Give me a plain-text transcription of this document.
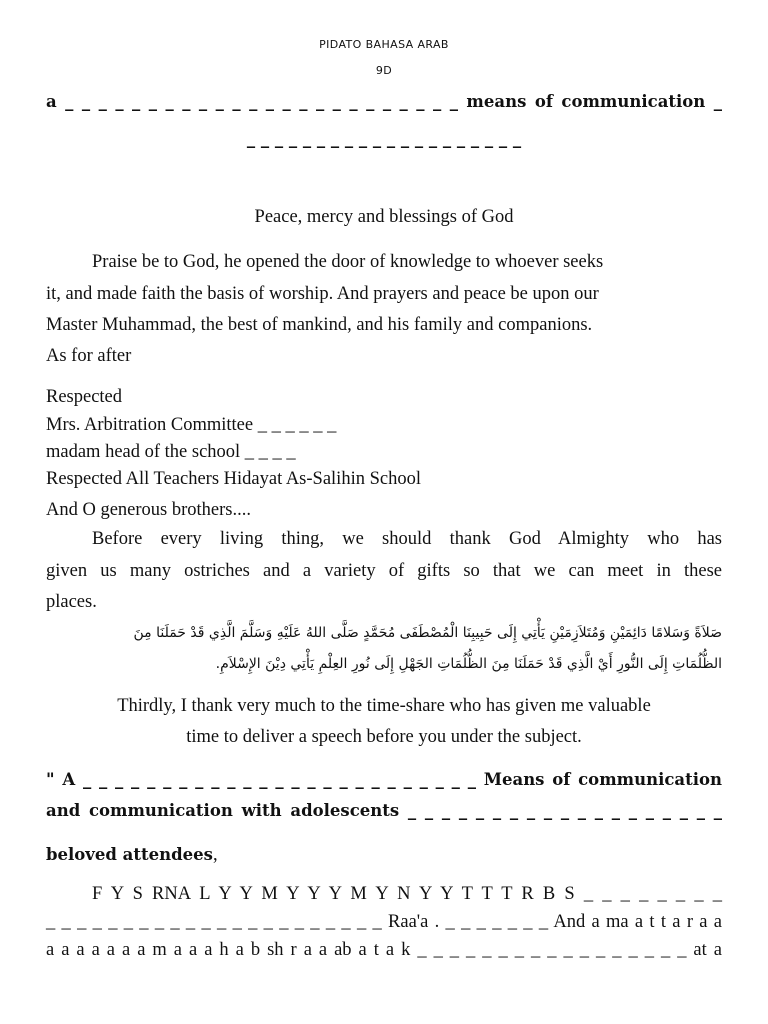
PIDATO BAHASA ARAB
9D
a _ _ _ _ _ _ _ _ _ _ _ _ _ _ _ _ _ _ _ _ _ _ _ _ means of communication _
_ _ _ _ _ _ _ _ _ _ _ _ _ _ _ _ _ _ _ _
Peace, mercy and blessings of God
Praise be to God, he opened the door of knowledge to whoever seeks
it, and made faith the basis of worship. And prayers and peace be upon our
Master Muhammad, the best of mankind, and his family and companions.
As for after
Respected
Mrs. Arbitration Committee _ _ _ _ _ _
madam head of the school _ _ _ _
Respected All Teachers Hidayat As-Salihin School
And O generous brothers....
Before every living thing, we should thank God Almighty who has
given us many ostriches and a variety of gifts so that we can meet in these
places.
صَلاَةً وَسَلامًا دَائِمَيْنِ وَمُتَلاَزِمَيْنِ يَأْتِي إِلَى حَبِيبِنَا الْمُصْطَفَى مُحَمَّدٍ صَلَّى اللهُ عَلَيْهِ وَسَلَّمَ الَّذِي قَدْ حَمَلَنَا مِنَ
الظُّلُمَاتِ إِلَى النُّورِ أَيْ الَّذِي قَدْ حَمَلَنَا مِنَ الظُّلُمَاتِ الجَهْلِ إِلَى نُورِ العِلْمِ يَأْتِي دِيْنَ الإِسْلاَمِ.
Thirdly, I thank very much to the time-share who has given me valuable
time to deliver a speech before you under the subject.
" A _ _ _ _ _ _ _ _ _ _ _ _ _ _ _ _ _ _ _ _ _ _ _ _ _ Means of communication
and communication with adolescents _ _ _ _ _ _ _ _ _ _ _ _ _ _ _ _ _ _ _
beloved attendees,
F Y S RNA L Y Y M Y Y Y M Y N Y Y T T T R B S _ _ _ _ _ _ _ _
_ _ _ _ _ _ _ _ _ _ _ _ _ _ _ _ _ _ _ _ _ _ Raa'a . _ _ _ _ _ _ _ And a ma a t t a r a a
a a a a a a a m a a a h a b sh r a a ab a t a k _ _ _ _ _ _ _ _ _ _ _ _ _ _ _ _ _ at a
